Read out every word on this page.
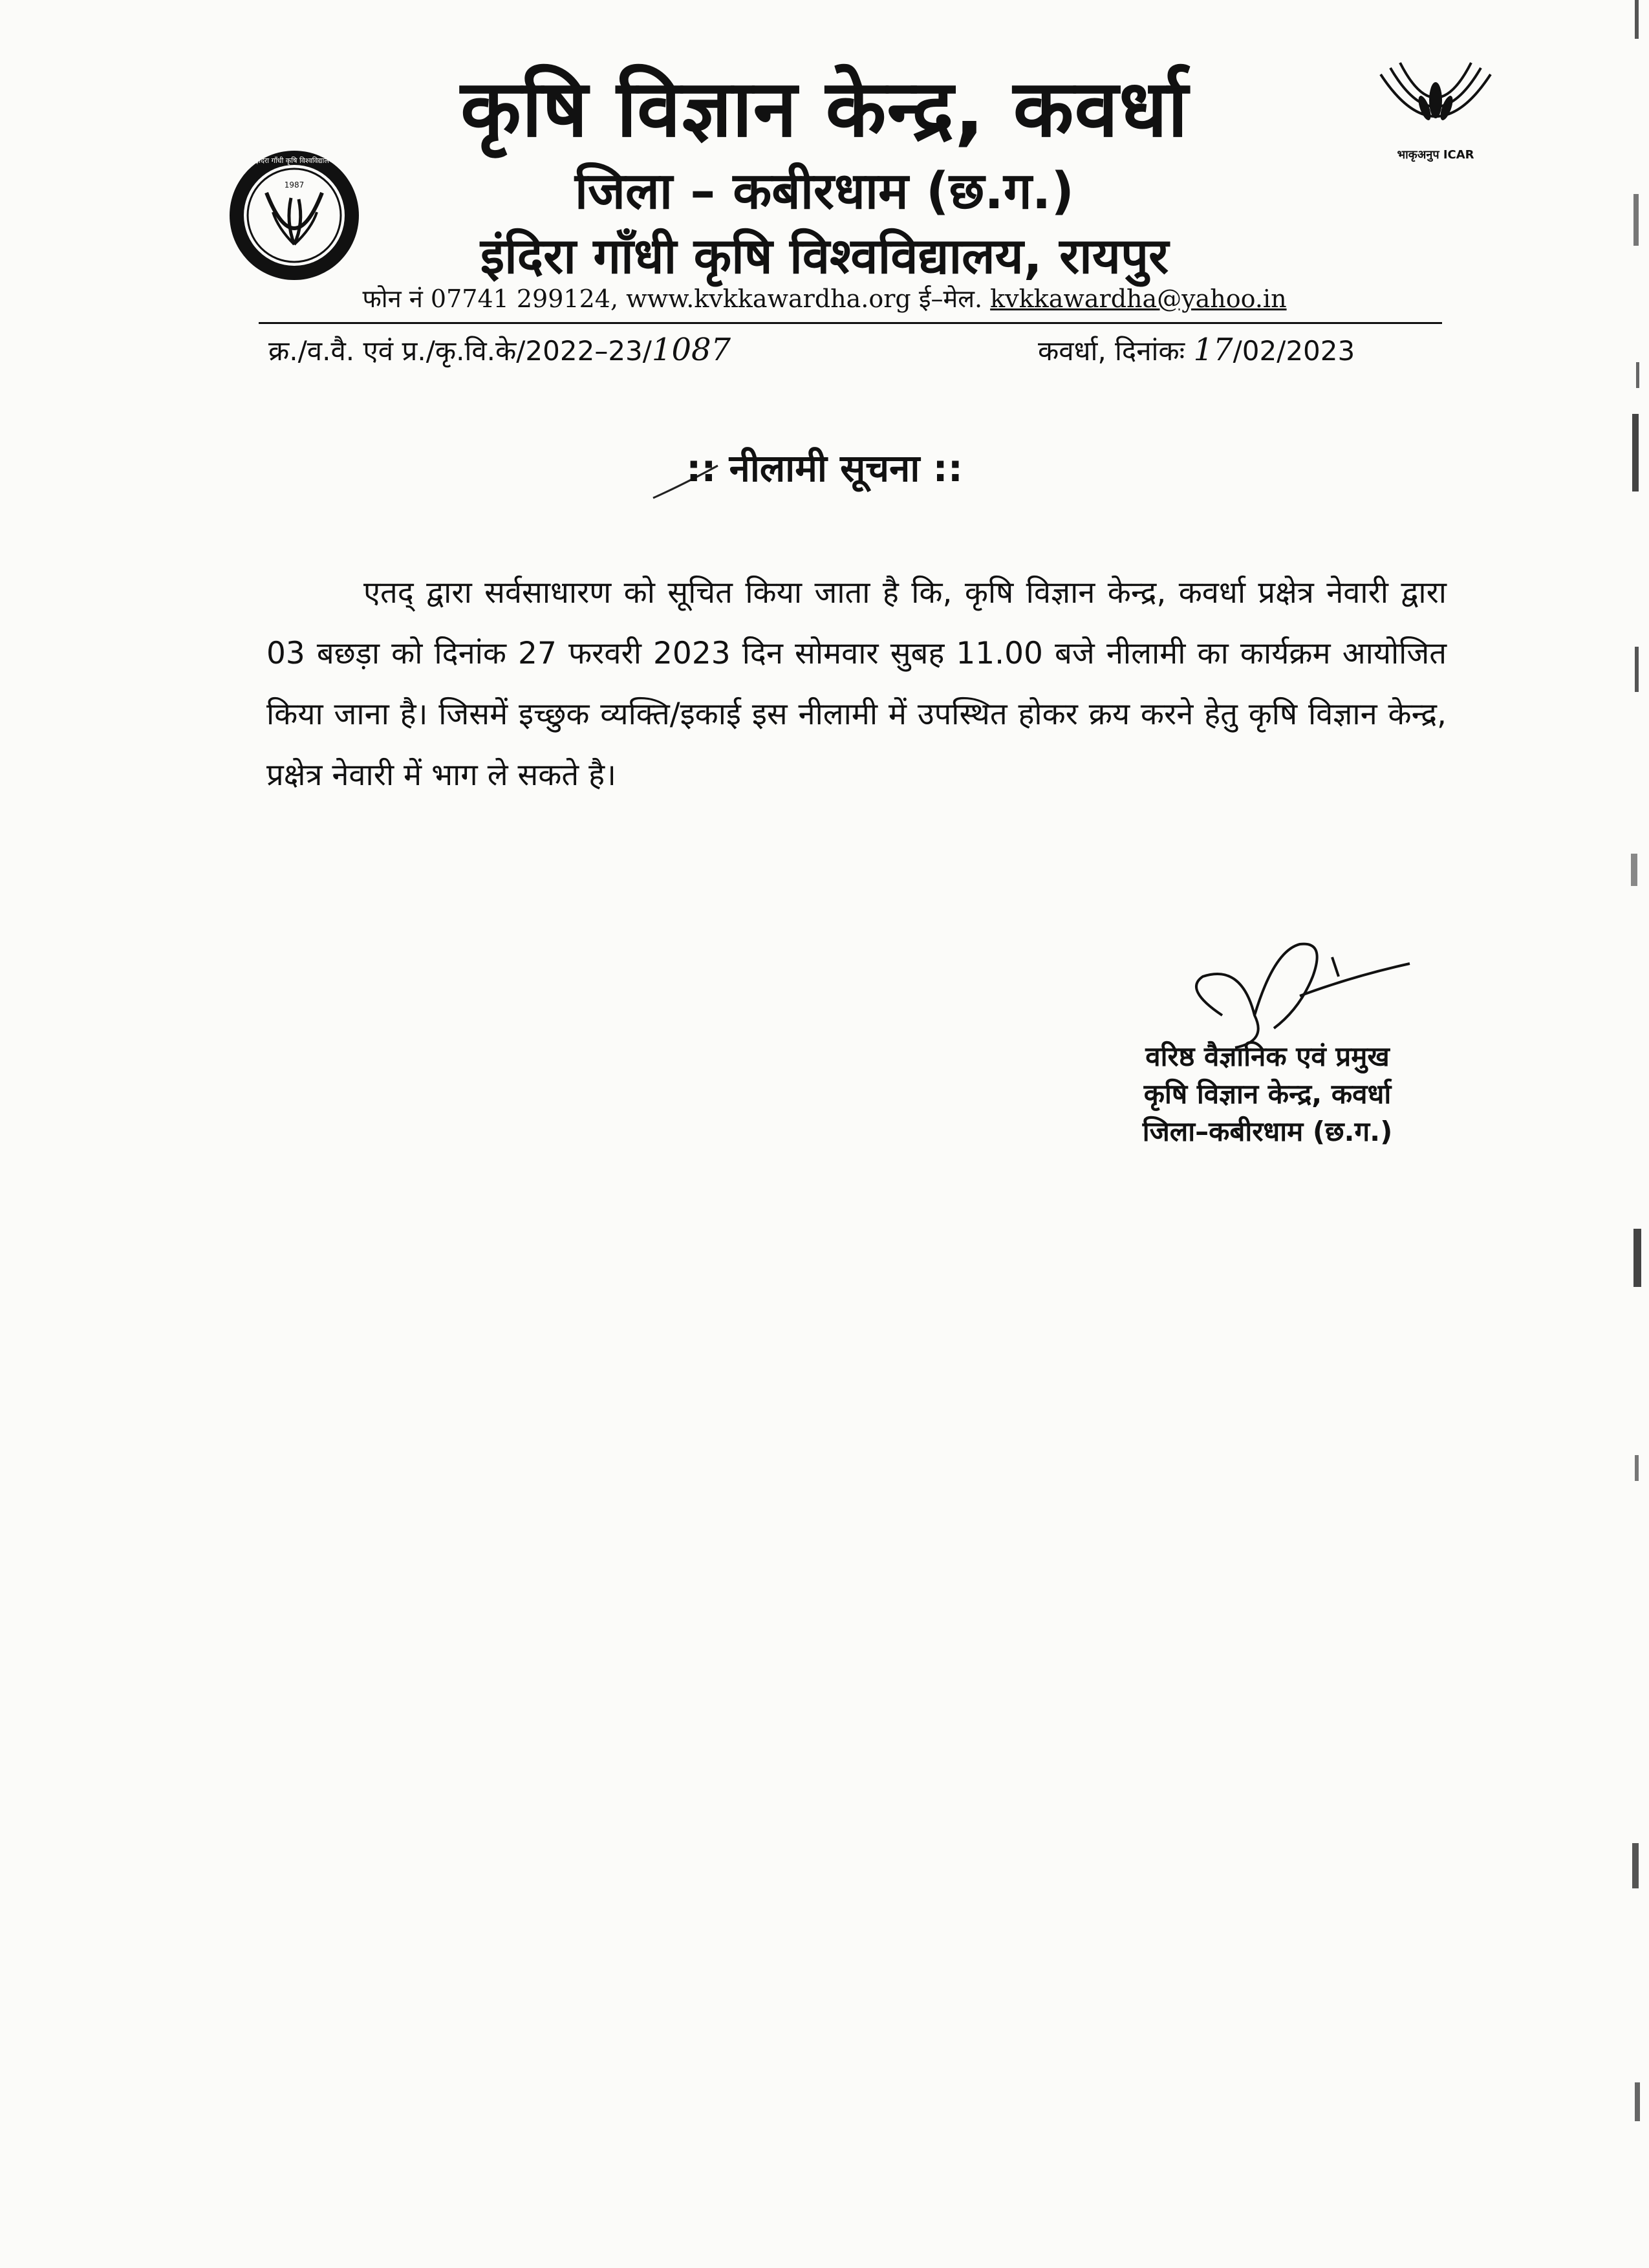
1987
इंदिरा गाँधी कृषि विश्वविद्यालय	भाकृअनुप ICAR
कृषि विज्ञान केन्द्र, कवर्धा
जिला – कबीरधाम (छ.ग.)
इंदिरा गाँधी कृषि विश्वविद्यालय, रायपुर
फोन नं 07741 299124, www.kvkkawardha.org ई–मेल. kvkkawardha@yahoo.in
क्र./व.वै. एवं प्र./कृ.वि.के/2022–23/1087	कवर्धा, दिनांकः 17/02/2023
:: नीलामी सूचना ::
एतद् द्वारा सर्वसाधारण को सूचित किया जाता है कि, कृषि विज्ञान केन्द्र, कवर्धा प्रक्षेत्र नेवारी द्वारा 03 बछड़ा को दिनांक 27 फरवरी 2023 दिन सोमवार सुबह 11.00 बजे नीलामी का कार्यक्रम आयोजित किया जाना है। जिसमें इच्छुक व्यक्ति/इकाई इस नीलामी में उपस्थित होकर क्रय करने हेतु कृषि विज्ञान केन्द्र, प्रक्षेत्र नेवारी में भाग ले सकते है।
वरिष्ठ वैज्ञानिक एवं प्रमुख
कृषि विज्ञान केन्द्र, कवर्धा
जिला–कबीरधाम (छ.ग.)
